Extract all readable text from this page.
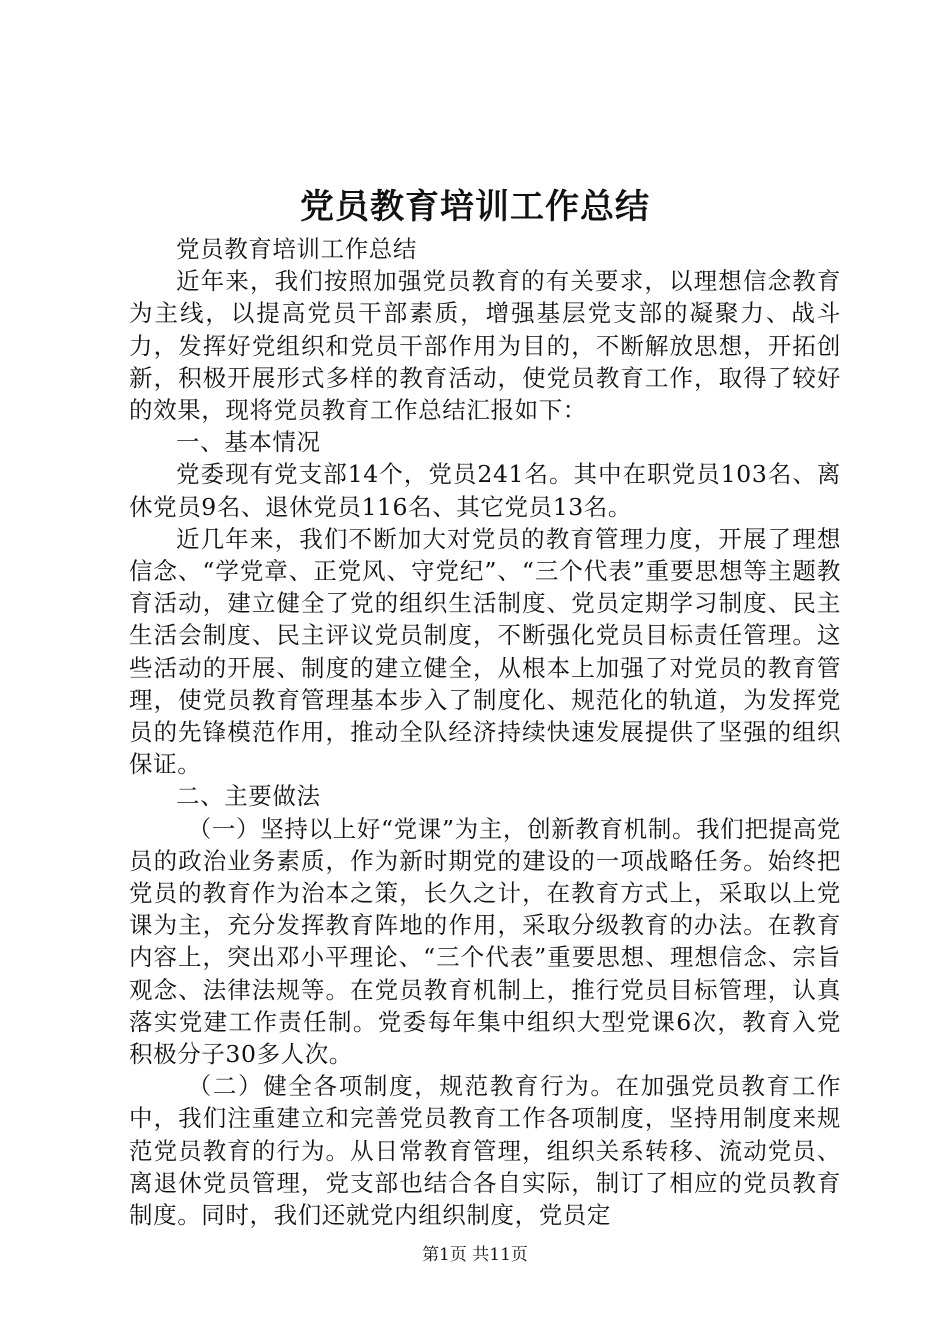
党员教育培训工作总结

党员教育培训工作总结

近年来，我们按照加强党员教育的有关要求，以理想信念教育为主线，以提高党员干部素质，增强基层党支部的凝聚力、战斗力，发挥好党组织和党员干部作用为目的，不断解放思想，开拓创新，积极开展形式多样的教育活动，使党员教育工作，取得了较好的效果，现将党员教育工作总结汇报如下：

一、基本情况

党委现有党支部14个，党员241名。其中在职党员103名、离休党员9名、退休党员116名、其它党员13名。

近几年来，我们不断加大对党员的教育管理力度，开展了理想信念、“学党章、正党风、守党纪”、“三个代表”重要思想等主题教育活动，建立健全了党的组织生活制度、党员定期学习制度、民主生活会制度、民主评议党员制度，不断强化党员目标责任管理。这些活动的开展、制度的建立健全，从根本上加强了对党员的教育管理，使党员教育管理基本步入了制度化、规范化的轨道，为发挥党员的先锋模范作用，推动全队经济持续快速发展提供了坚强的组织保证。

二、主要做法

（一）坚持以上好“党课”为主，创新教育机制。我们把提高党员的政治业务素质，作为新时期党的建设的一项战略任务。始终把党员的教育作为治本之策，长久之计，在教育方式上，采取以上党课为主，充分发挥教育阵地的作用，采取分级教育的办法。在教育内容上，突出邓小平理论、“三个代表”重要思想、理想信念、宗旨观念、法律法规等。在党员教育机制上，推行党员目标管理，认真落实党建工作责任制。党委每年集中组织大型党课6次，教育入党积极分子30多人次。

（二）健全各项制度，规范教育行为。在加强党员教育工作中，我们注重建立和完善党员教育工作各项制度，坚持用制度来规范党员教育的行为。从日常教育管理，组织关系转移、流动党员、离退休党员管理，党支部也结合各自实际，制订了相应的党员教育制度。同时，我们还就党内组织制度，党员定

第1页 共11页
